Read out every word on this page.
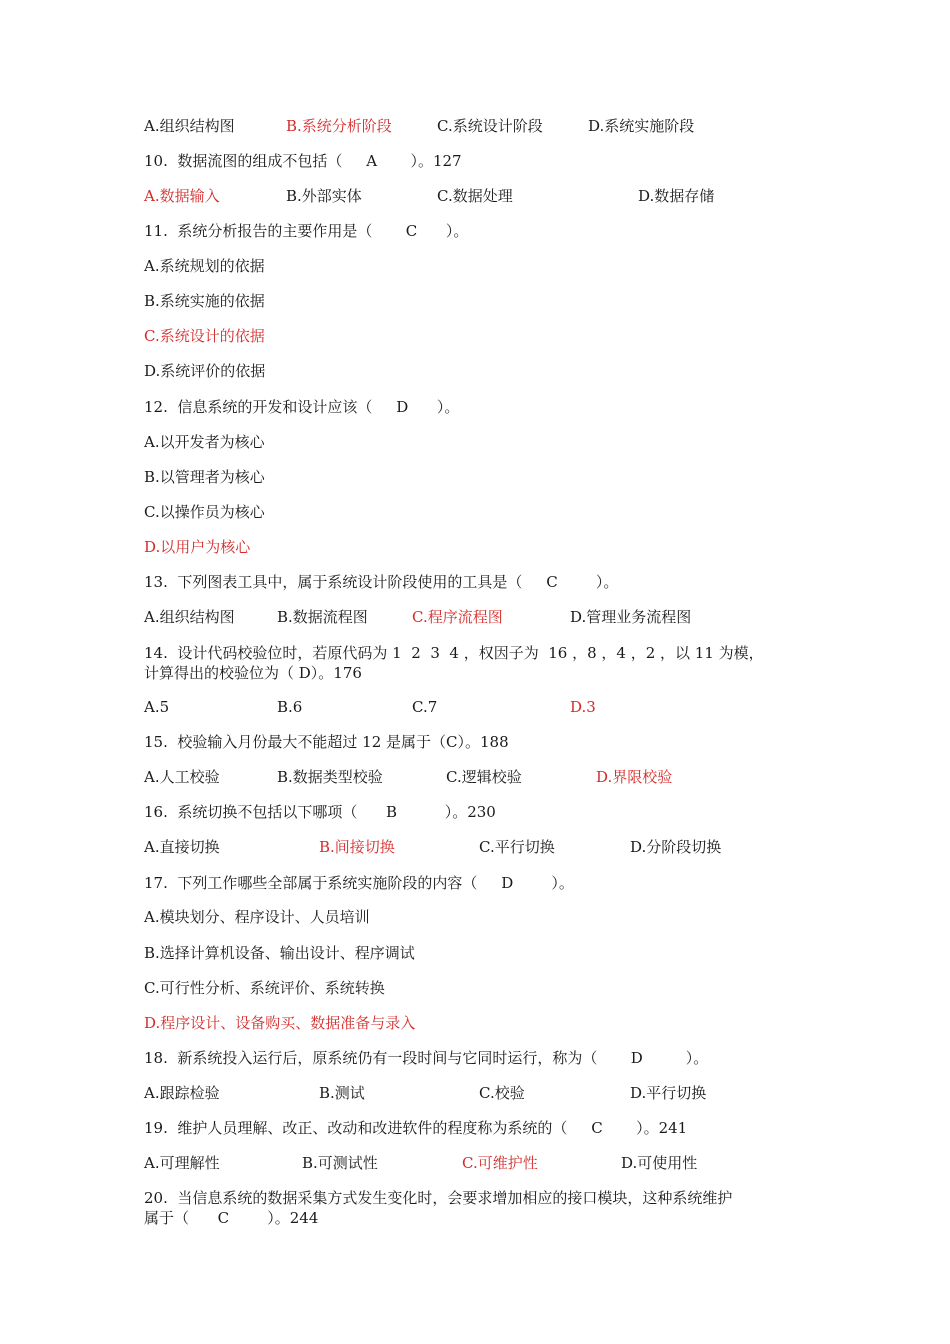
A.组织结构图	B.系统分析阶段	C.系统设计阶段	D.系统实施阶段
10.  数据流图的组成不包括（     A       ）。127
A.数据输入	B.外部实体	C.数据处理	D.数据存储
11.  系统分析报告的主要作用是（       C      ）。
A.系统规划的依据
B.系统实施的依据
C.系统设计的依据
D.系统评价的依据
12.  信息系统的开发和设计应该（     D      ）。
A.以开发者为核心
B.以管理者为核心
C.以操作员为核心
D.以用户为核心
13.  下列图表工具中，属于系统设计阶段使用的工具是（     C        ）。
A.组织结构图	B.数据流程图	C.程序流程图	D.管理业务流程图
14.  设计代码校验位时，若原代码为 1  2  3  4 ，权因子为  16 ，8 ，4 ，2 ，以 11 为模，
计算得出的校验位为（ D）。176
A.5	B.6	C.7	D.3
15.  校验输入月份最大不能超过 12 是属于（C）。188
A.人工校验	B.数据类型校验	C.逻辑校验	D.界限校验
16.  系统切换不包括以下哪项（      B          ）。230
A.直接切换	B.间接切换	C.平行切换	D.分阶段切换
17.  下列工作哪些全部属于系统实施阶段的内容（     D        ）。
A.模块划分、程序设计、人员培训
B.选择计算机设备、输出设计、程序调试
C.可行性分析、系统评价、系统转换
D.程序设计、设备购买、数据准备与录入
18.  新系统投入运行后，原系统仍有一段时间与它同时运行，称为（       D         ）。
A.跟踪检验	B.测试	C.校验	D.平行切换
19.  维护人员理解、改正、改动和改进软件的程度称为系统的（     C       ）。241
A.可理解性	B.可测试性	C.可维护性	D.可使用性
20.  当信息系统的数据采集方式发生变化时，会要求增加相应的接口模块，这种系统维护
属于（      C        ）。244
